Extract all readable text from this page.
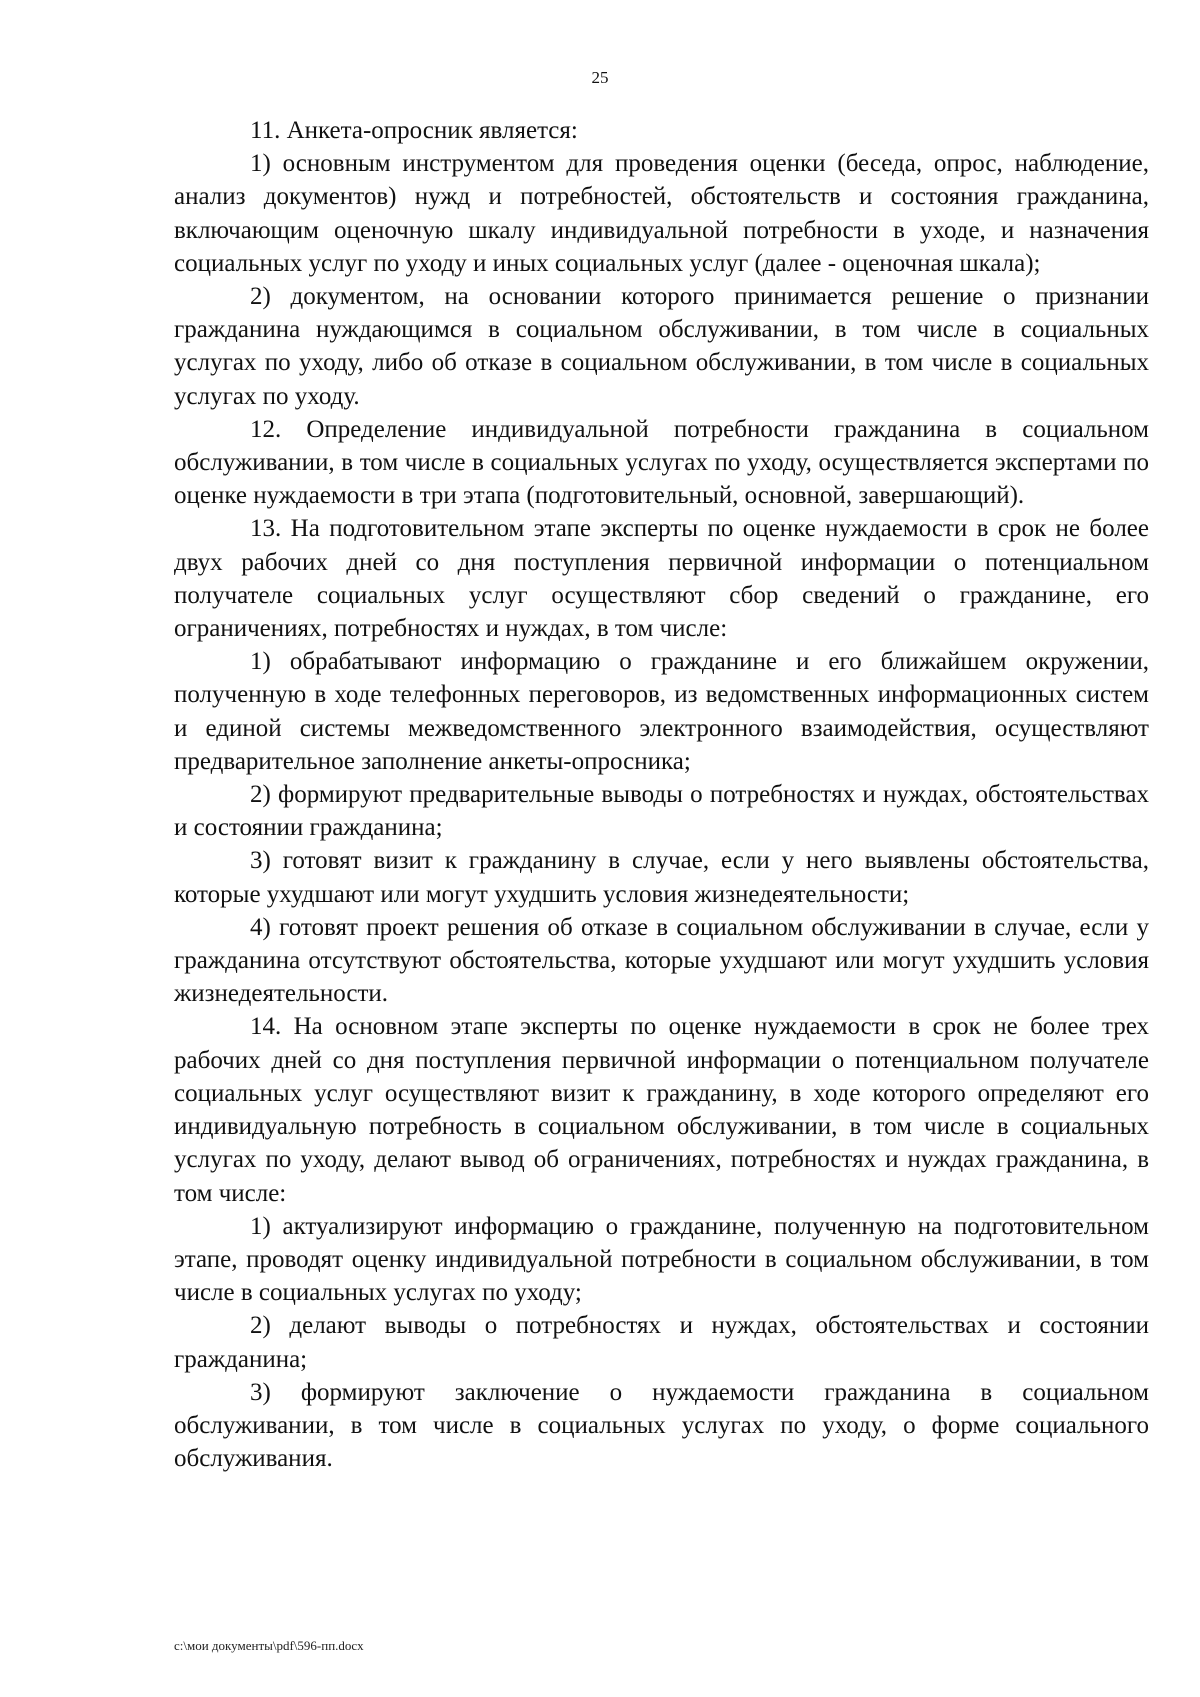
25

11. Анкета-опросник является:

1) основным инструментом для проведения оценки (беседа, опрос, наблюдение, анализ документов) нужд и потребностей, обстоятельств и состояния гражданина, включающим оценочную шкалу индивидуальной потребности в уходе, и назначения социальных услуг по уходу и иных социальных услуг (далее - оценочная шкала);

2) документом, на основании которого принимается решение о признании гражданина нуждающимся в социальном обслуживании, в том числе в социальных услугах по уходу, либо об отказе в социальном обслуживании, в том числе в социальных услугах по уходу.

12. Определение индивидуальной потребности гражданина в социальном обслуживании, в том числе в социальных услугах по уходу, осуществляется экспертами по оценке нуждаемости в три этапа (подготовительный, основной, завершающий).

13. На подготовительном этапе эксперты по оценке нуждаемости в срок не более двух рабочих дней со дня поступления первичной информации о потенциальном получателе социальных услуг осуществляют сбор сведений о гражданине, его ограничениях, потребностях и нуждах, в том числе:

1) обрабатывают информацию о гражданине и его ближайшем окружении, полученную в ходе телефонных переговоров, из ведомственных информационных систем и единой системы межведомственного электронного взаимодействия, осуществляют предварительное заполнение анкеты-опросника;

2) формируют предварительные выводы о потребностях и нуждах, обстоятельствах и состоянии гражданина;

3) готовят визит к гражданину в случае, если у него выявлены обстоятельства, которые ухудшают или могут ухудшить условия жизнедеятельности;

4) готовят проект решения об отказе в социальном обслуживании в случае, если у гражданина отсутствуют обстоятельства, которые ухудшают или могут ухудшить условия жизнедеятельности.

14. На основном этапе эксперты по оценке нуждаемости в срок не более трех рабочих дней со дня поступления первичной информации о потенциальном получателе социальных услуг осуществляют визит к гражданину, в ходе которого определяют его индивидуальную потребность в социальном обслуживании, в том числе в социальных услугах по уходу, делают вывод об ограничениях, потребностях и нуждах гражданина, в том числе:

1) актуализируют информацию о гражданине, полученную на подготовительном этапе, проводят оценку индивидуальной потребности в социальном обслуживании, в том числе в социальных услугах по уходу;

2) делают выводы о потребностях и нуждах, обстоятельствах и состоянии гражданина;

3) формируют заключение о нуждаемости гражданина в социальном обслуживании, в том числе в социальных услугах по уходу, о форме социального обслуживания.

c:\мои документы\pdf\596-пп.docx
